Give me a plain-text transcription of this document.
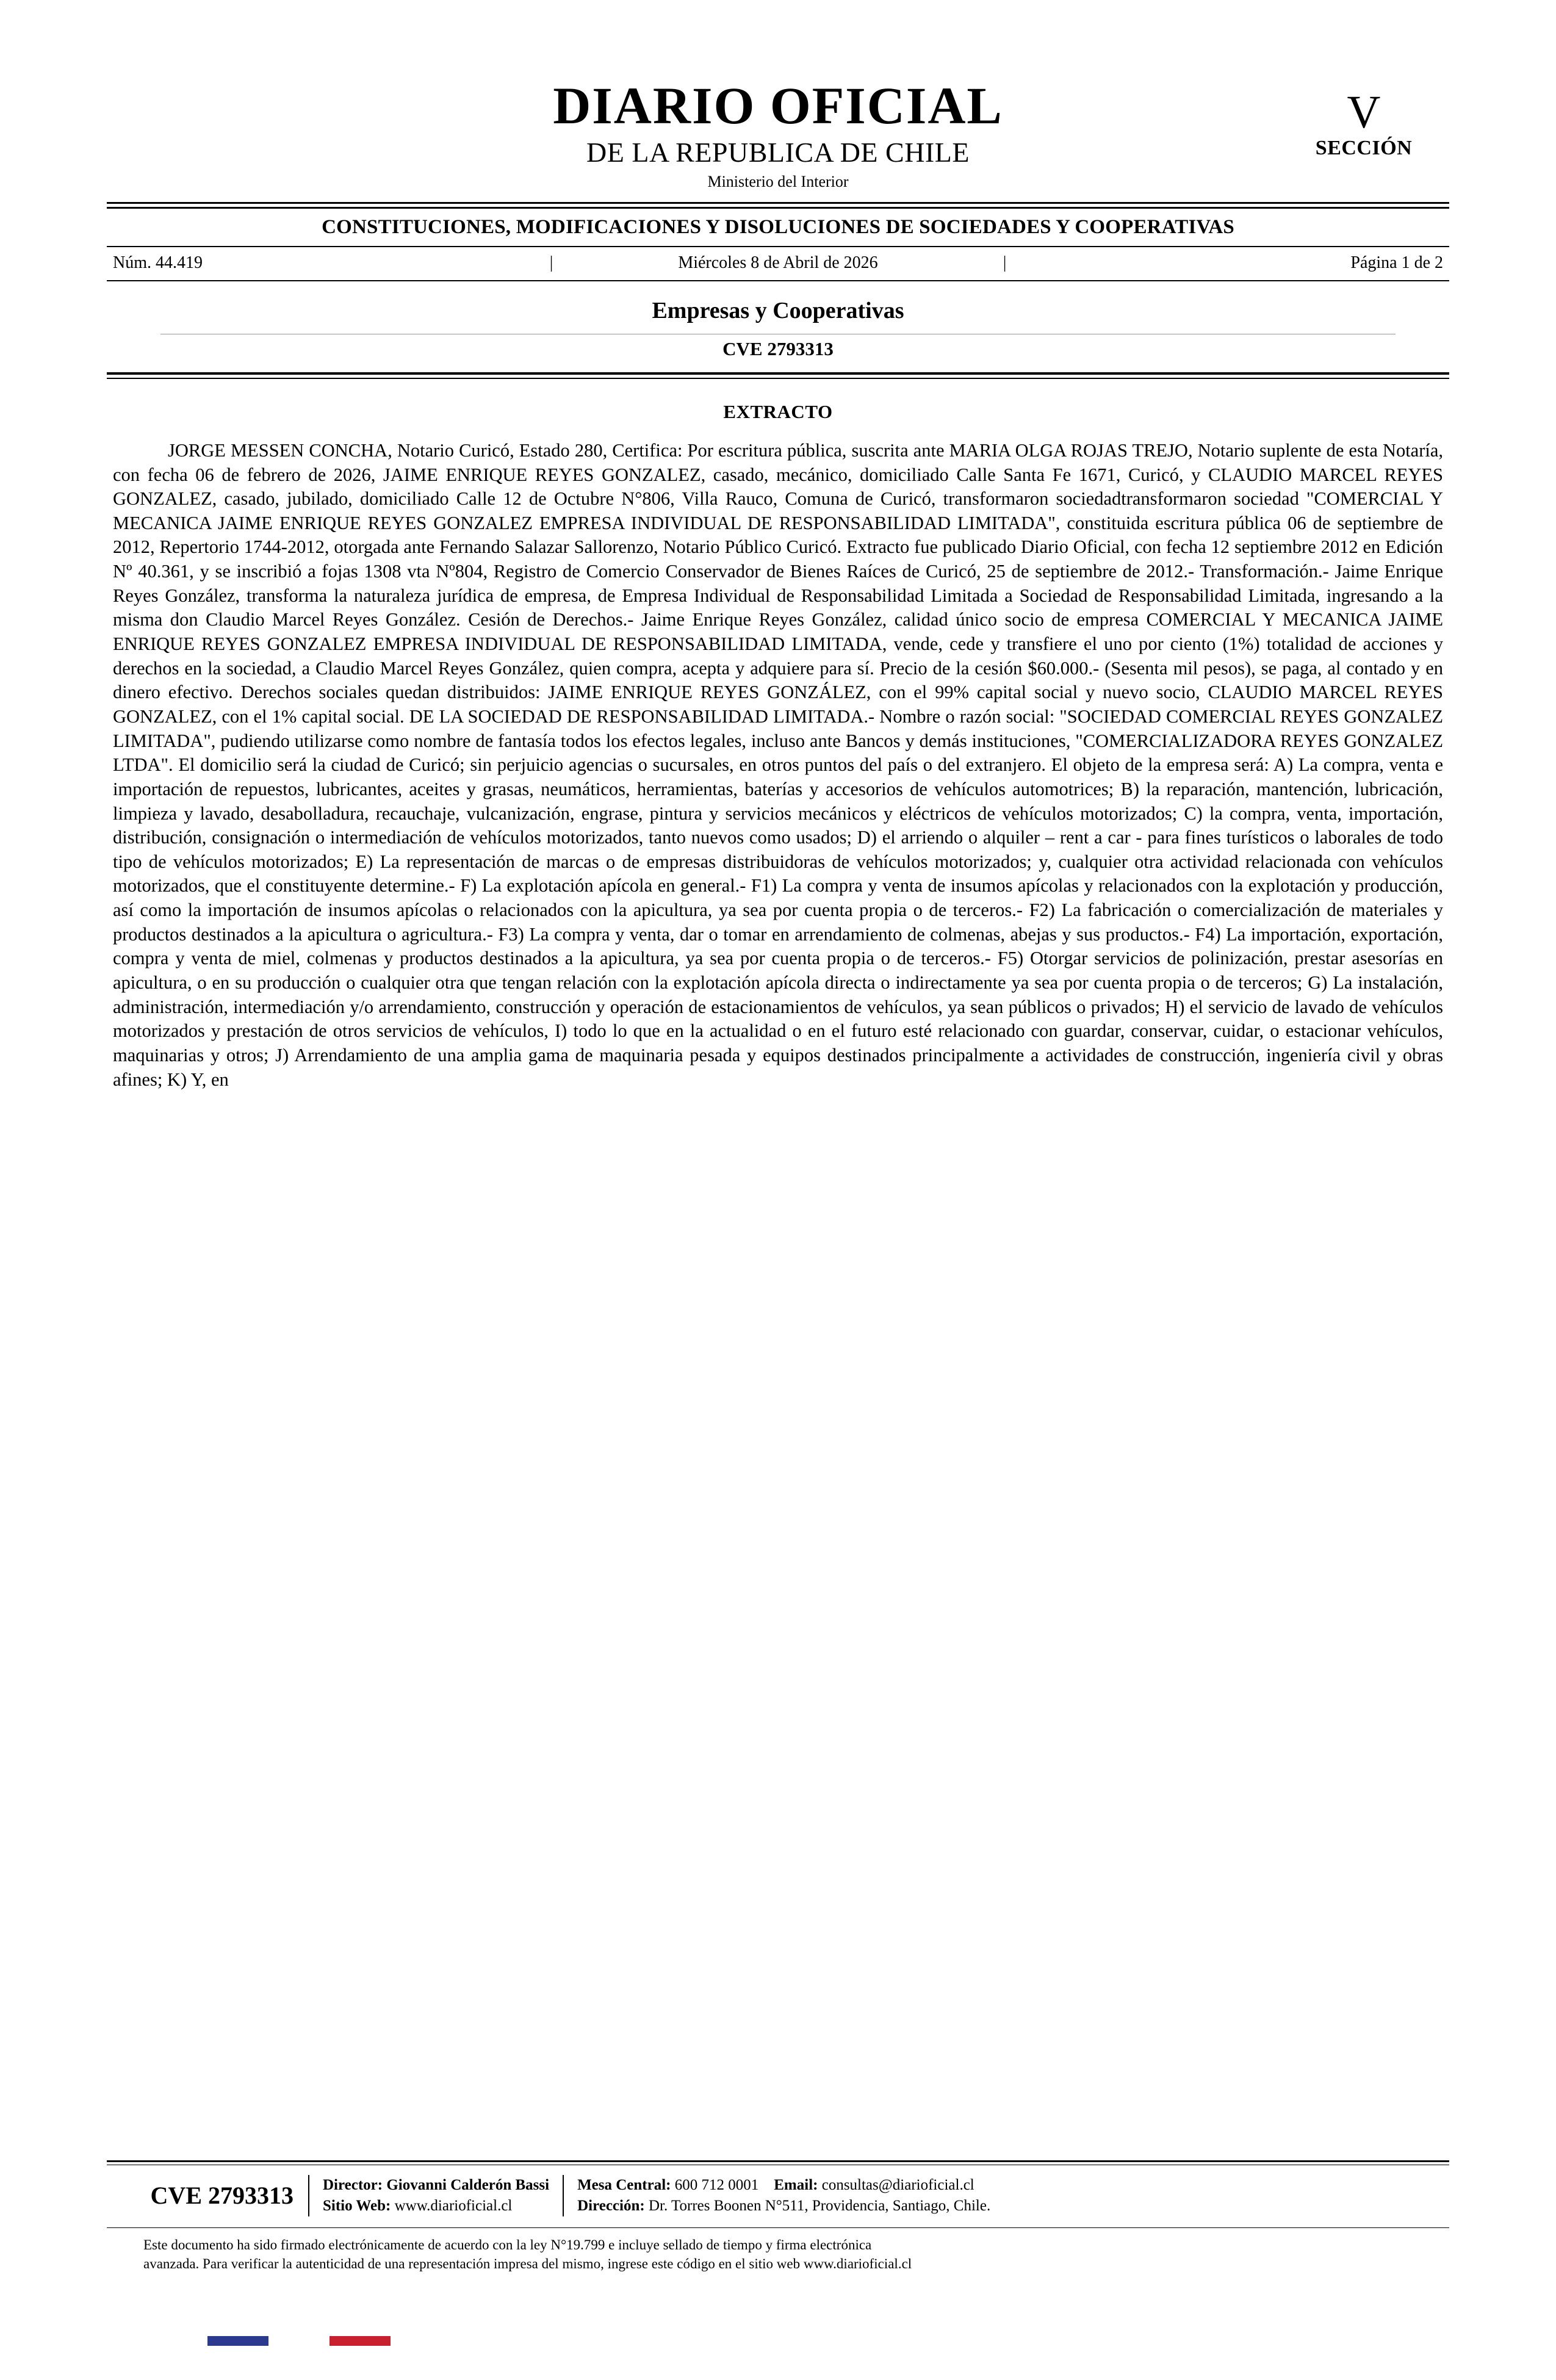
DIARIO OFICIAL
DE LA REPUBLICA DE CHILE
Ministerio del Interior
V
SECCIÓN
CONSTITUCIONES, MODIFICACIONES Y DISOLUCIONES DE SOCIEDADES Y COOPERATIVAS
Núm. 44.419	|	Miércoles 8 de Abril de 2026	|	Página 1 de 2
Empresas y Cooperativas
CVE 2793313
EXTRACTO

JORGE MESSEN CONCHA, Notario Curicó, Estado 280, Certifica: Por escritura pública, suscrita ante MARIA OLGA ROJAS TREJO, Notario suplente de esta Notaría, con fecha 06 de febrero de 2026, JAIME ENRIQUE REYES GONZALEZ, casado, mecánico, domiciliado Calle Santa Fe 1671, Curicó, y CLAUDIO MARCEL REYES GONZALEZ, casado, jubilado, domiciliado Calle 12 de Octubre N°806, Villa Rauco, Comuna de Curicó, transformaron sociedadtransformaron sociedad "COMERCIAL Y MECANICA JAIME ENRIQUE REYES GONZALEZ EMPRESA INDIVIDUAL DE RESPONSABILIDAD LIMITADA", constituida escritura pública 06 de septiembre de 2012, Repertorio 1744-2012, otorgada ante Fernando Salazar Sallorenzo, Notario Público Curicó. Extracto fue publicado Diario Oficial, con fecha 12 septiembre 2012 en Edición Nº 40.361, y se inscribió a fojas 1308 vta Nº804, Registro de Comercio Conservador de Bienes Raíces de Curicó, 25 de septiembre de 2012.- Transformación.- Jaime Enrique Reyes González, transforma la naturaleza jurídica de empresa, de Empresa Individual de Responsabilidad Limitada a Sociedad de Responsabilidad Limitada, ingresando a la misma don Claudio Marcel Reyes González. Cesión de Derechos.- Jaime Enrique Reyes González, calidad único socio de empresa COMERCIAL Y MECANICA JAIME ENRIQUE REYES GONZALEZ EMPRESA INDIVIDUAL DE RESPONSABILIDAD LIMITADA, vende, cede y transfiere el uno por ciento (1%) totalidad de acciones y derechos en la sociedad, a Claudio Marcel Reyes González, quien compra, acepta y adquiere para sí. Precio de la cesión $60.000.- (Sesenta mil pesos), se paga, al contado y en dinero efectivo. Derechos sociales quedan distribuidos: JAIME ENRIQUE REYES GONZÁLEZ, con el 99% capital social y nuevo socio, CLAUDIO MARCEL REYES GONZALEZ, con el 1% capital social. DE LA SOCIEDAD DE RESPONSABILIDAD LIMITADA.- Nombre o razón social: "SOCIEDAD COMERCIAL REYES GONZALEZ LIMITADA", pudiendo utilizarse como nombre de fantasía todos los efectos legales, incluso ante Bancos y demás instituciones, "COMERCIALIZADORA REYES GONZALEZ LTDA". El domicilio será la ciudad de Curicó; sin perjuicio agencias o sucursales, en otros puntos del país o del extranjero. El objeto de la empresa será: A) La compra, venta e importación de repuestos, lubricantes, aceites y grasas, neumáticos, herramientas, baterías y accesorios de vehículos automotrices; B) la reparación, mantención, lubricación, limpieza y lavado, desabolladura, recauchaje, vulcanización, engrase, pintura y servicios mecánicos y eléctricos de vehículos motorizados; C) la compra, venta, importación, distribución, consignación o intermediación de vehículos motorizados, tanto nuevos como usados; D) el arriendo o alquiler – rent a car - para fines turísticos o laborales de todo tipo de vehículos motorizados; E) La representación de marcas o de empresas distribuidoras de vehículos motorizados; y, cualquier otra actividad relacionada con vehículos motorizados, que el constituyente determine.- F) La explotación apícola en general.- F1) La compra y venta de insumos apícolas y relacionados con la explotación y producción, así como la importación de insumos apícolas o relacionados con la apicultura, ya sea por cuenta propia o de terceros.- F2) La fabricación o comercialización de materiales y productos destinados a la apicultura o agricultura.- F3) La compra y venta, dar o tomar en arrendamiento de colmenas, abejas y sus productos.- F4) La importación, exportación, compra y venta de miel, colmenas y productos destinados a la apicultura, ya sea por cuenta propia o de terceros.- F5) Otorgar servicios de polinización, prestar asesorías en apicultura, o en su producción o cualquier otra que tengan relación con la explotación apícola directa o indirectamente ya sea por cuenta propia o de terceros; G) La instalación, administración, intermediación y/o arrendamiento, construcción y operación de estacionamientos de vehículos, ya sean públicos o privados; H) el servicio de lavado de vehículos motorizados y prestación de otros servicios de vehículos, I) todo lo que en la actualidad o en el futuro esté relacionado con guardar, conservar, cuidar, o estacionar vehículos, maquinarias y otros; J) Arrendamiento de una amplia gama de maquinaria pesada y equipos destinados principalmente a actividades de construcción, ingeniería civil y obras afines; K) Y, en

CVE 2793313	Director: Giovanni Calderón Bassi
Sitio Web: www.diarioficial.cl
Mesa Central: 600 712 0001 Email: consultas@diarioficial.cl
Dirección: Dr. Torres Boonen N°511, Providencia, Santiago, Chile.
Este documento ha sido firmado electrónicamente de acuerdo con la ley N°19.799 e incluye sellado de tiempo y firma electrónica
avanzada. Para verificar la autenticidad de una representación impresa del mismo, ingrese este código en el sitio web www.diarioficial.cl
